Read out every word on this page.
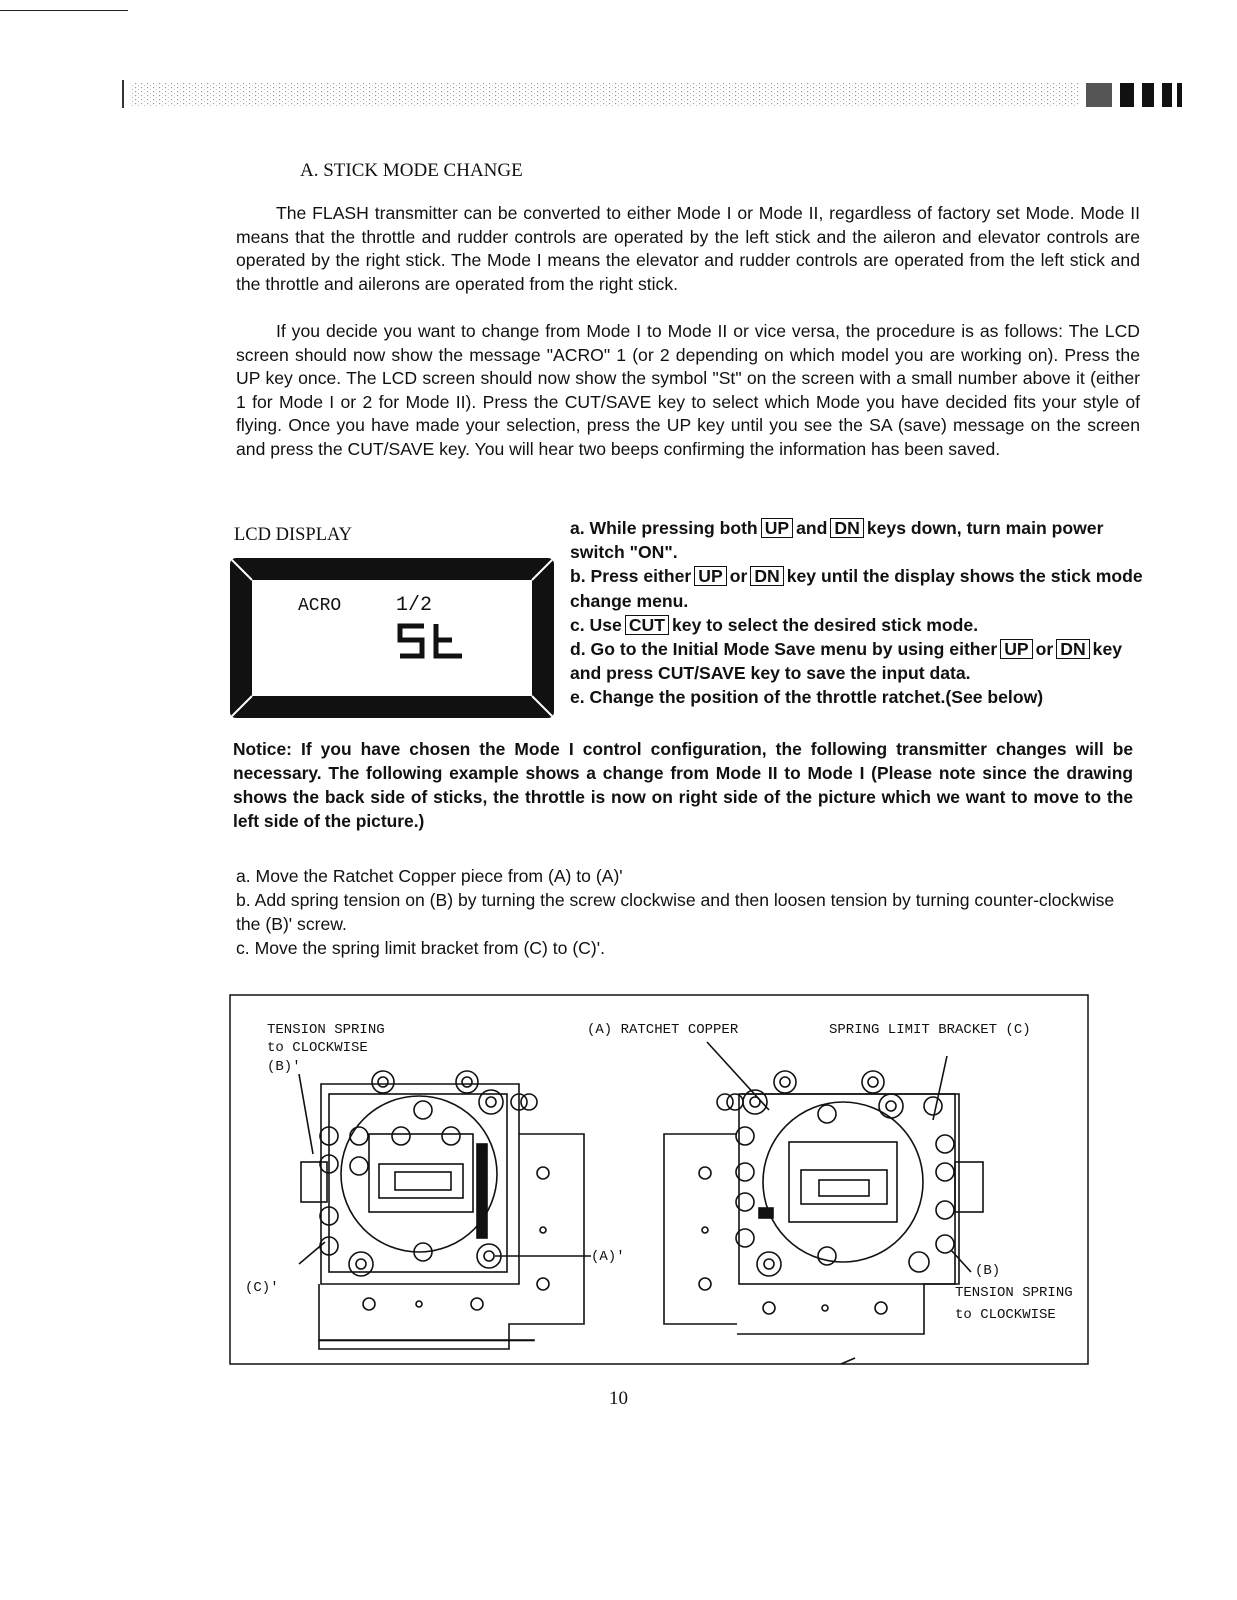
A. STICK MODE CHANGE

The FLASH transmitter can be converted to either Mode I or Mode II, regardless of factory set Mode. Mode II means that the throttle and rudder controls are operated by the left stick and the aileron and elevator controls are operated by the right stick. The Mode I means the elevator and rudder controls are operated from the left stick and the throttle and ailerons are operated from the right stick.

If you decide you want to change from Mode I to Mode II or vice versa, the procedure is as follows: The LCD screen should now show the message "ACRO" 1 (or 2 depending on which model you are working on). Press the UP key once. The LCD screen should now show the symbol "St" on the screen with a small number above it (either 1 for Mode I or 2 for Mode II). Press the CUT/SAVE key to select which Mode you have decided fits your style of flying. Once you have made your selection, press the UP key until you see the SA (save) message on the screen and press the CUT/SAVE key. You will hear two beeps confirming the information has been saved.

LCD DISPLAY
ACRO	1/2

a. While pressing both UP and DN keys down, turn main power switch "ON".

b. Press either UP or DN key until the display shows the stick mode change menu.

c. Use CUT key to select the desired stick mode.

d. Go to the Initial Mode Save menu by using either UP or DN key and press CUT/SAVE key to save the input data.

e. Change the position of the throttle ratchet.(See below)

Notice: If you have chosen the Mode I control configuration, the following transmitter changes will be necessary. The following example shows a change from Mode II to Mode I (Please note since the drawing shows the back side of sticks, the throttle is now on right side of the picture which we want to move to the left side of the picture.)

a. Move the Ratchet Copper piece from (A) to (A)'

b. Add spring tension on (B) by turning the screw clockwise and then loosen tension by turning counter-clockwise the (B)' screw.

c. Move the spring limit bracket from (C) to (C)'.

TENSION SPRING
to CLOCKWISE
(B)'
(A) RATCHET COPPER	SPRING LIMIT BRACKET (C)
(A)'
(C)'
(B)
TENSION SPRING
to CLOCKWISE
10
